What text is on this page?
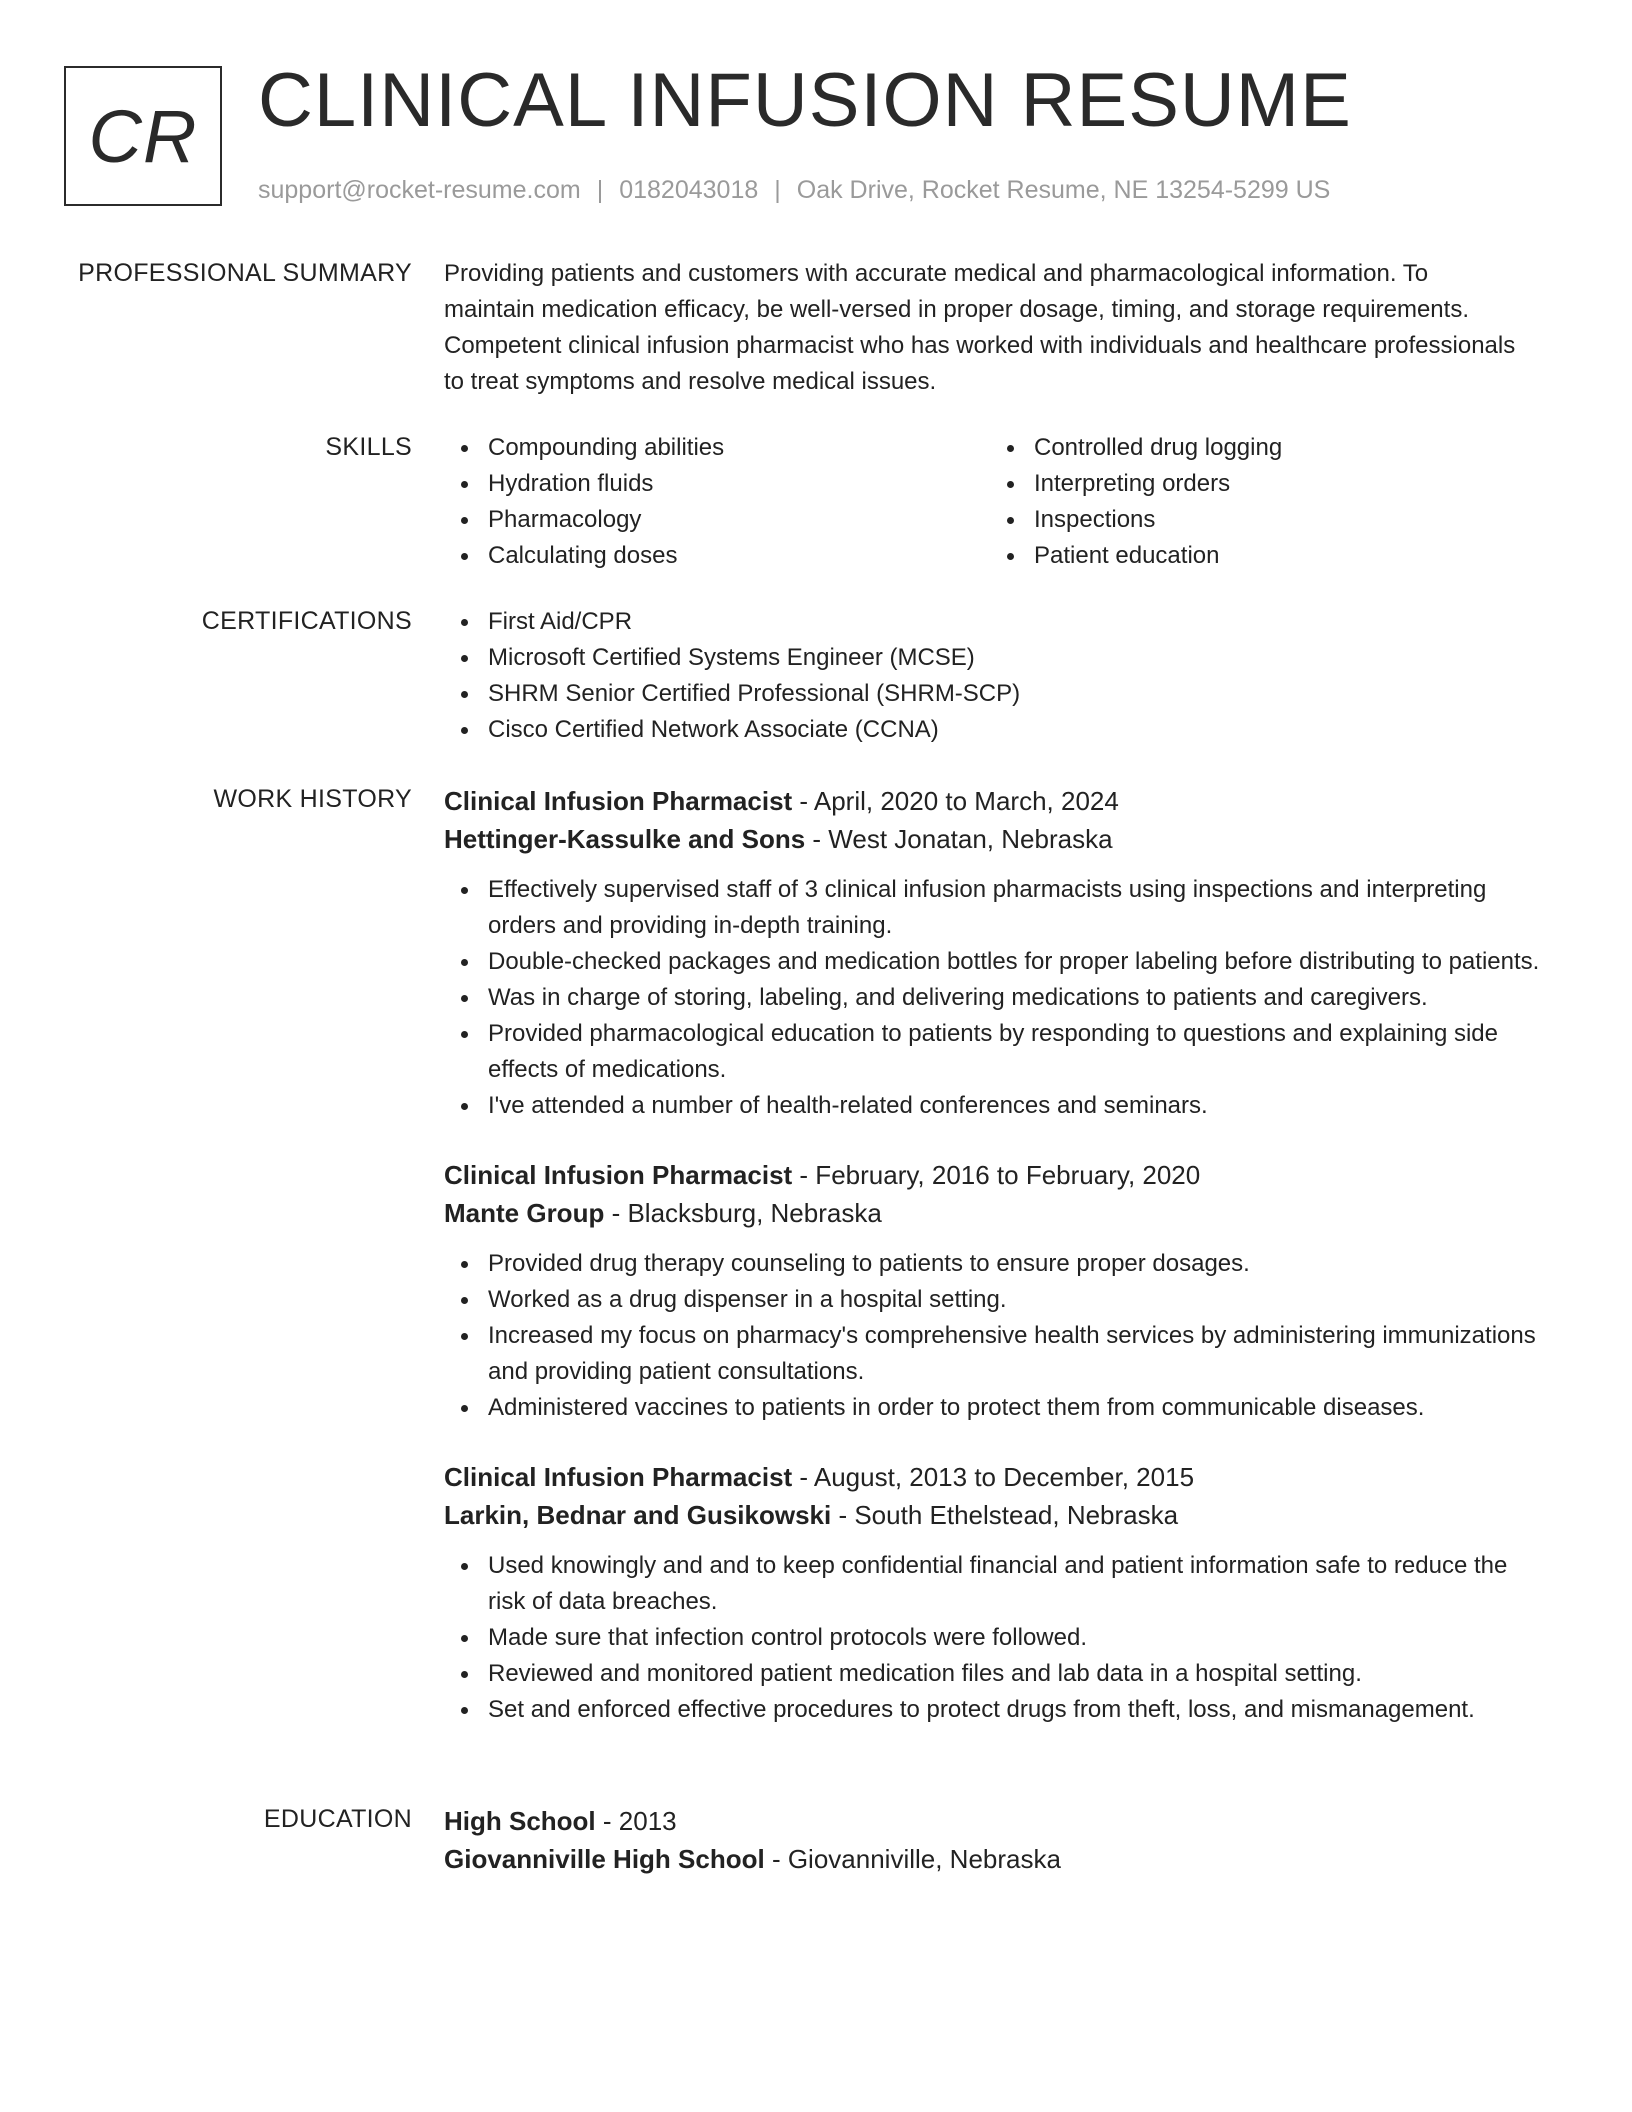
CR CLINICAL INFUSION RESUME
support@rocket-resume.com | 0182043018 | Oak Drive, Rocket Resume, NE 13254-5299 US
PROFESSIONAL SUMMARY Providing patients and customers with accurate medical and pharmacological information. To maintain medication efficacy, be well-versed in proper dosage, timing, and storage requirements. Competent clinical infusion pharmacist who has worked with individuals and healthcare professionals to treat symptoms and resolve medical issues.

SKILLS	Compounding abilities
Hydration fluids
Pharmacology
Calculating doses
Controlled drug logging
Interpreting orders
Inspections
Patient education
CERTIFICATIONS	First Aid/CPR
Microsoft Certified Systems Engineer (MCSE)
SHRM Senior Certified Professional (SHRM-SCP)
Cisco Certified Network Associate (CCNA)
WORK HISTORY Clinical Infusion Pharmacist - April, 2020 to March, 2024
Hettinger-Kassulke and Sons - West Jonatan, Nebraska
Effectively supervised staff of 3 clinical infusion pharmacists using inspections and interpreting orders and providing in-depth training.
Double-checked packages and medication bottles for proper labeling before distributing to patients.
Was in charge of storing, labeling, and delivering medications to patients and caregivers.
Provided pharmacological education to patients by responding to questions and explaining side effects of medications.
I've attended a number of health-related conferences and seminars.
Clinical Infusion Pharmacist - February, 2016 to February, 2020
Mante Group - Blacksburg, Nebraska
Provided drug therapy counseling to patients to ensure proper dosages.
Worked as a drug dispenser in a hospital setting.
Increased my focus on pharmacy's comprehensive health services by administering immunizations and providing patient consultations.
Administered vaccines to patients in order to protect them from communicable diseases.
Clinical Infusion Pharmacist - August, 2013 to December, 2015
Larkin, Bednar and Gusikowski - South Ethelstead, Nebraska
Used knowingly and and to keep confidential financial and patient information safe to reduce the risk of data breaches.
Made sure that infection control protocols were followed.
Reviewed and monitored patient medication files and lab data in a hospital setting.
Set and enforced effective procedures to protect drugs from theft, loss, and mismanagement.
EDUCATION High School - 2013
Giovanniville High School - Giovanniville, Nebraska
